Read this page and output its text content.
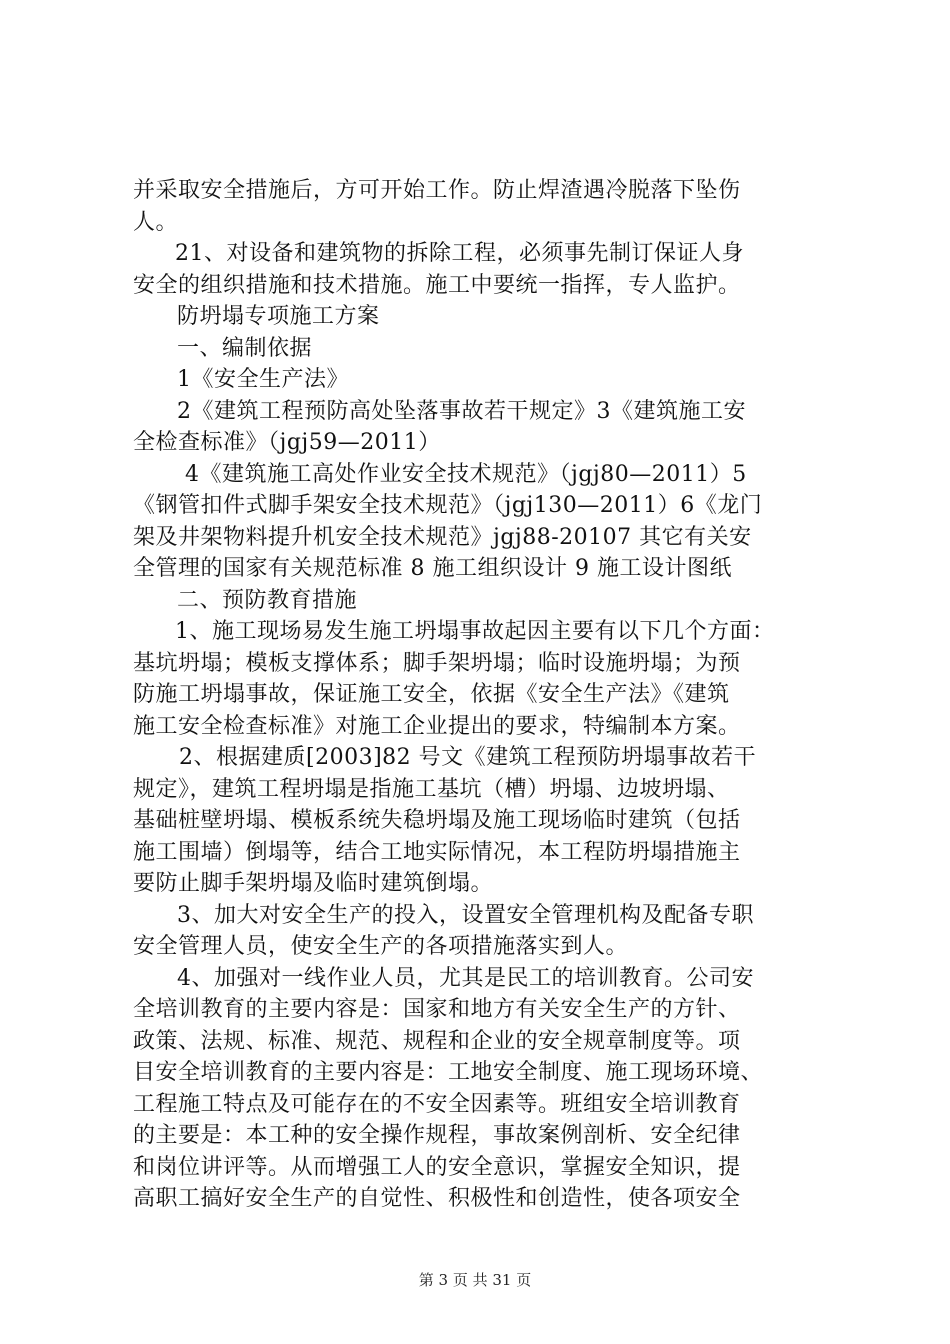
并采取安全措施后，方可开始工作。防止焊渣遇冷脱落下坠伤
人。
21、对设备和建筑物的拆除工程，必须事先制订保证人身
安全的组织措施和技术措施。施工中要统一指挥，专人监护。
防坍塌专项施工方案
一、编制依据
1《安全生产法》
2《建筑工程预防高处坠落事故若干规定》3《建筑施工安
全检查标准》（jgj59—2011）
4《建筑施工高处作业安全技术规范》（jgj80—2011）5
《钢管扣件式脚手架安全技术规范》（jgj130—2011）6《龙门
架及井架物料提升机安全技术规范》jgj88-20107 其它有关安
全管理的国家有关规范标准 8 施工组织设计 9 施工设计图纸
二、预防教育措施
1、施工现场易发生施工坍塌事故起因主要有以下几个方面：
基坑坍塌；模板支撑体系；脚手架坍塌；临时设施坍塌；为预
防施工坍塌事故，保证施工安全，依据《安全生产法》《建筑
施工安全检查标准》对施工企业提出的要求，特编制本方案。
2、根据建质[2003]82 号文《建筑工程预防坍塌事故若干
规定》，建筑工程坍塌是指施工基坑（槽）坍塌、边坡坍塌、
基础桩壁坍塌、模板系统失稳坍塌及施工现场临时建筑（包括
施工围墙）倒塌等，结合工地实际情况，本工程防坍塌措施主
要防止脚手架坍塌及临时建筑倒塌。
3、加大对安全生产的投入，设置安全管理机构及配备专职
安全管理人员，使安全生产的各项措施落实到人。
4、加强对一线作业人员，尤其是民工的培训教育。公司安
全培训教育的主要内容是：国家和地方有关安全生产的方针、
政策、法规、标准、规范、规程和企业的安全规章制度等。项
目安全培训教育的主要内容是：工地安全制度、施工现场环境、
工程施工特点及可能存在的不安全因素等。班组安全培训教育
的主要是：本工种的安全操作规程，事故案例剖析、安全纪律
和岗位讲评等。从而增强工人的安全意识，掌握安全知识，提
高职工搞好安全生产的自觉性、积极性和创造性，使各项安全
第 3 页 共 31 页
